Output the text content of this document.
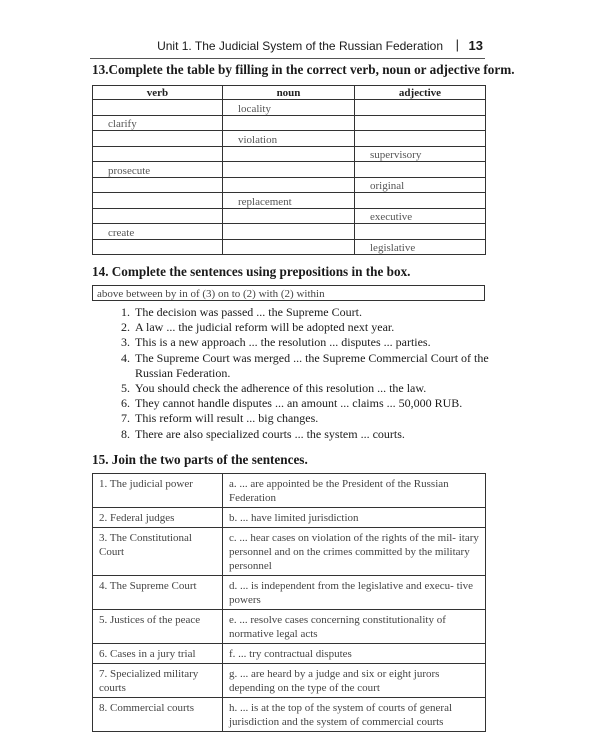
Unit 1. The Judicial System of the Russian Federation | 13
13.Complete the table by filling in the correct verb, noun or adjective form.
verb	noun	adjective
	locality	
clarify		
	violation	
		supervisory
prosecute		
		original
	replacement	
		executive
create		
		legislative
14. Complete the sentences using prepositions in the box.
above between by in of (3) on to (2) with (2) within
1. The decision was passed ... the Supreme Court.
2. A law ... the judicial reform will be adopted next year.
3. This is a new approach ... the resolution ... disputes ... parties.
4. The Supreme Court was merged ... the Supreme Commercial Court of the Russian Federation.
5. You should check the adherence of this resolution ... the law.
6. They cannot handle disputes ... an amount ... claims ... 50,000 RUB.
7. This reform will result ... big changes.
8. There are also specialized courts ... the system ... courts.
15. Join the two parts of the sentences.
1. The judicial power	a. ... are appointed be the President of the Russian Federation
2. Federal judges	b. ... have limited jurisdiction
3. The Constitutional Court	c. ... hear cases on violation of the rights of the mil- itary personnel and on the crimes committed by the military personnel
4. The Supreme Court	d. ... is independent from the legislative and execu- tive powers
5. Justices of the peace	e. ... resolve cases concerning constitutionality of normative legal acts
6. Cases in a jury trial	f. ... try contractual disputes
7. Specialized military courts	g. ... are heard by a judge and six or eight jurors depending on the type of the court
8. Commercial courts	h. ... is at the top of the system of courts of general jurisdiction and the system of commercial courts
